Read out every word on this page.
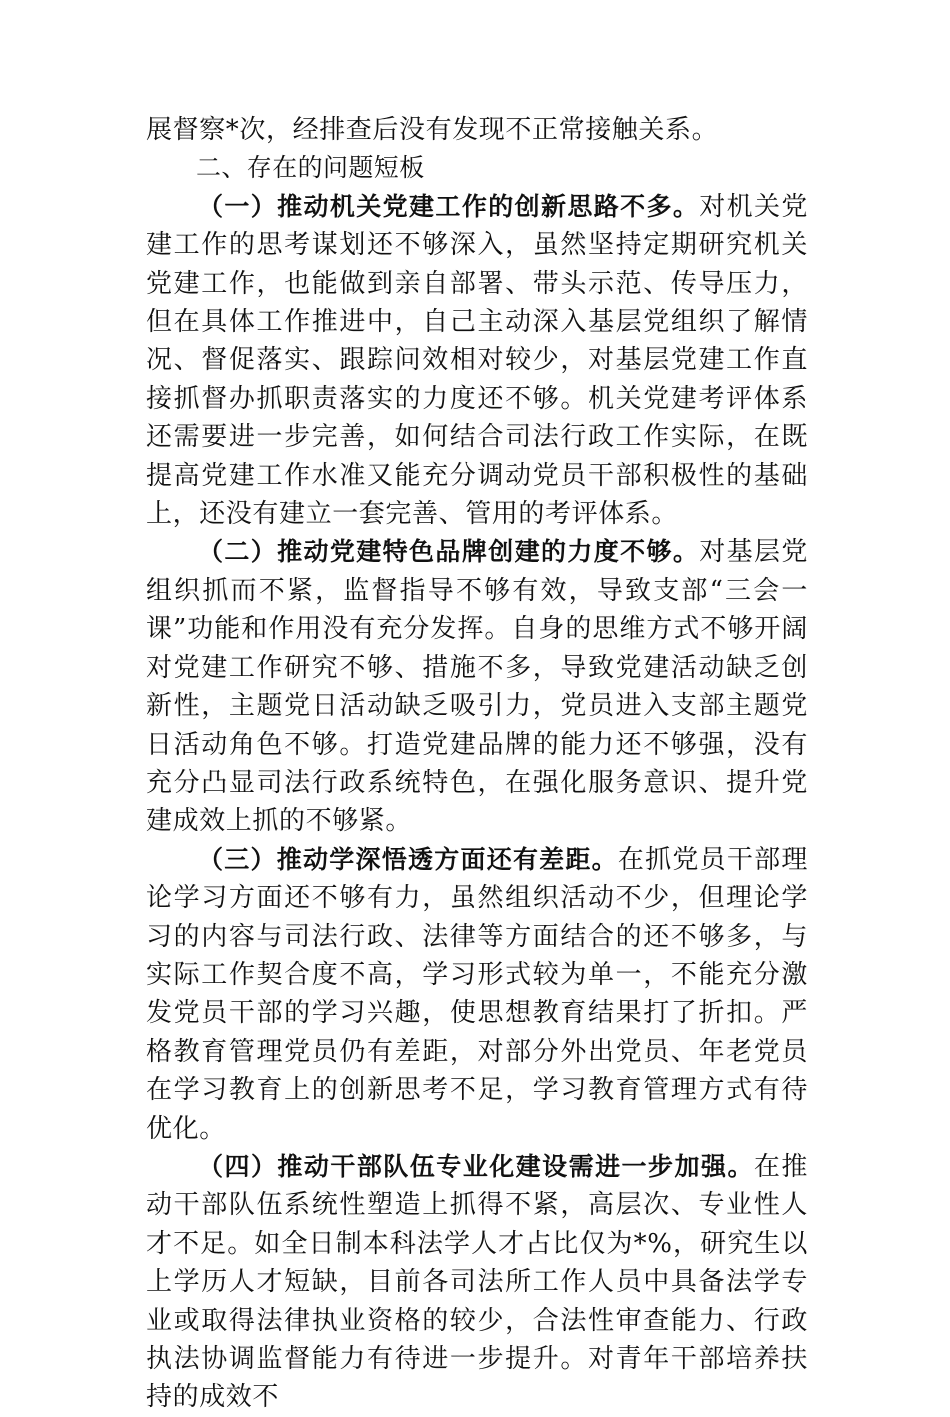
展督察*次，经排查后没有发现不正常接触关系。

二、存在的问题短板

（一）推动机关党建工作的创新思路不多。对机关党建工作的思考谋划还不够深入，虽然坚持定期研究机关党建工作，也能做到亲自部署、带头示范、传导压力，但在具体工作推进中，自己主动深入基层党组织了解情况、督促落实、跟踪问效相对较少，对基层党建工作直接抓督办抓职责落实的力度还不够。机关党建考评体系还需要进一步完善，如何结合司法行政工作实际，在既提高党建工作水准又能充分调动党员干部积极性的基础上，还没有建立一套完善、管用的考评体系。

（二）推动党建特色品牌创建的力度不够。对基层党组织抓而不紧，监督指导不够有效，导致支部“三会一课”功能和作用没有充分发挥。自身的思维方式不够开阔对党建工作研究不够、措施不多，导致党建活动缺乏创新性，主题党日活动缺乏吸引力，党员进入支部主题党日活动角色不够。打造党建品牌的能力还不够强，没有充分凸显司法行政系统特色，在强化服务意识、提升党建成效上抓的不够紧。

（三）推动学深悟透方面还有差距。在抓党员干部理论学习方面还不够有力，虽然组织活动不少，但理论学习的内容与司法行政、法律等方面结合的还不够多，与实际工作契合度不高，学习形式较为单一，不能充分激发党员干部的学习兴趣，使思想教育结果打了折扣。严格教育管理党员仍有差距，对部分外出党员、年老党员在学习教育上的创新思考不足，学习教育管理方式有待优化。

（四）推动干部队伍专业化建设需进一步加强。在推动干部队伍系统性塑造上抓得不紧，高层次、专业性人才不足。如全日制本科法学人才占比仅为*%，研究生以上学历人才短缺，目前各司法所工作人员中具备法学专业或取得法律执业资格的较少，合法性审查能力、行政执法协调监督能力有待进一步提升。对青年干部培养扶持的成效不
